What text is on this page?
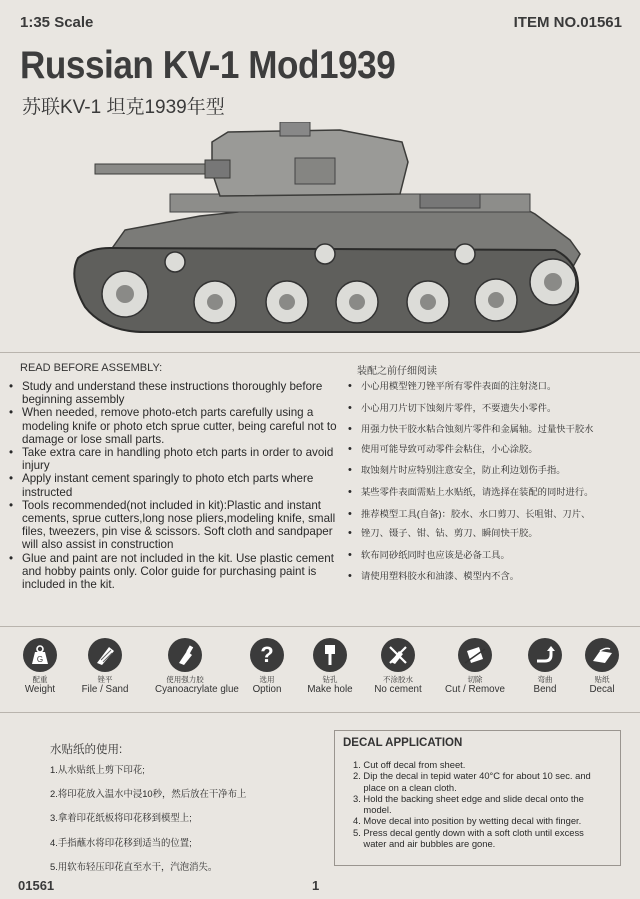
1:35 Scale	ITEM NO.01561
Russian KV-1 Mod1939
苏联KV-1 坦克1939年型
READ BEFORE ASSEMBLY:
• Study and understand these instructions thoroughly before beginning assembly
• When needed, remove photo-etch parts carefully using a modeling knife or photo etch sprue cutter, being careful not to damage or lose small parts.
• Take extra care in handling photo etch parts in order to avoid injury
• Apply instant cement sparingly to photo etch parts where instructed
• Tools recommended(not included in kit):Plastic and instant cements, sprue cutters,long nose pliers,modeling knife, small files, tweezers, pin vise & scissors. Soft cloth and sandpaper will also assist in construction
• Glue and paint are not included in the kit. Use plastic cement and hobby paints only. Color guide for purchasing paint is included in the kit.
装配之前仔细阅读
• 小心用模型锉刀锉平所有零件表面的注射浇口。
• 小心用刀片切下蚀刻片零件，不要遗失小零件。
• 用强力快干胶水粘合蚀刻片零件和金属轴。过量快干胶水
• 使用可能导致可动零件会粘住，小心涂胶。
• 取蚀刻片时应特别注意安全，防止利边划伤手指。
• 某些零件表面需贴上水贴纸，请选择在装配的同时进行。
• 推荐模型工具(自备)：胶水、水口剪刀、长咀钳、刀片、
• 锉刀、镊子、钳、钻、剪刀、瞬间快干胶。
• 软布同砂纸同时也应该是必备工具。
• 请使用塑料胶水和油漆、模型内不含。
G
配重
Weight
锉平
File / Sand
使用强力胶
Cyanoacrylate glue
?
选用
Option
钻孔
Make hole
不涂胶水
No cement
切除
Cut / Remove
弯曲
Bend
贴纸
Decal
水贴纸的使用:
1.从水贴纸上剪下印花;
2.将印花放入温水中浸10秒，然后放在干净布上
3.拿着印花纸板将印花移到模型上;
4.手指蘸水将印花移到适当的位置;
5.用软布轻压印花直至水干，汽泡消失。
DECAL APPLICATION
1. Cut off decal from sheet.
2. Dip the decal in tepid water 40°C for about 10 sec. and
place on a clean cloth.
3. Hold the backing sheet edge and slide decal onto the
model.
4. Move decal into position by wetting decal with finger.
5. Press decal gently down with a soft cloth until excess
water and air bubbles are gone.
01561	1
